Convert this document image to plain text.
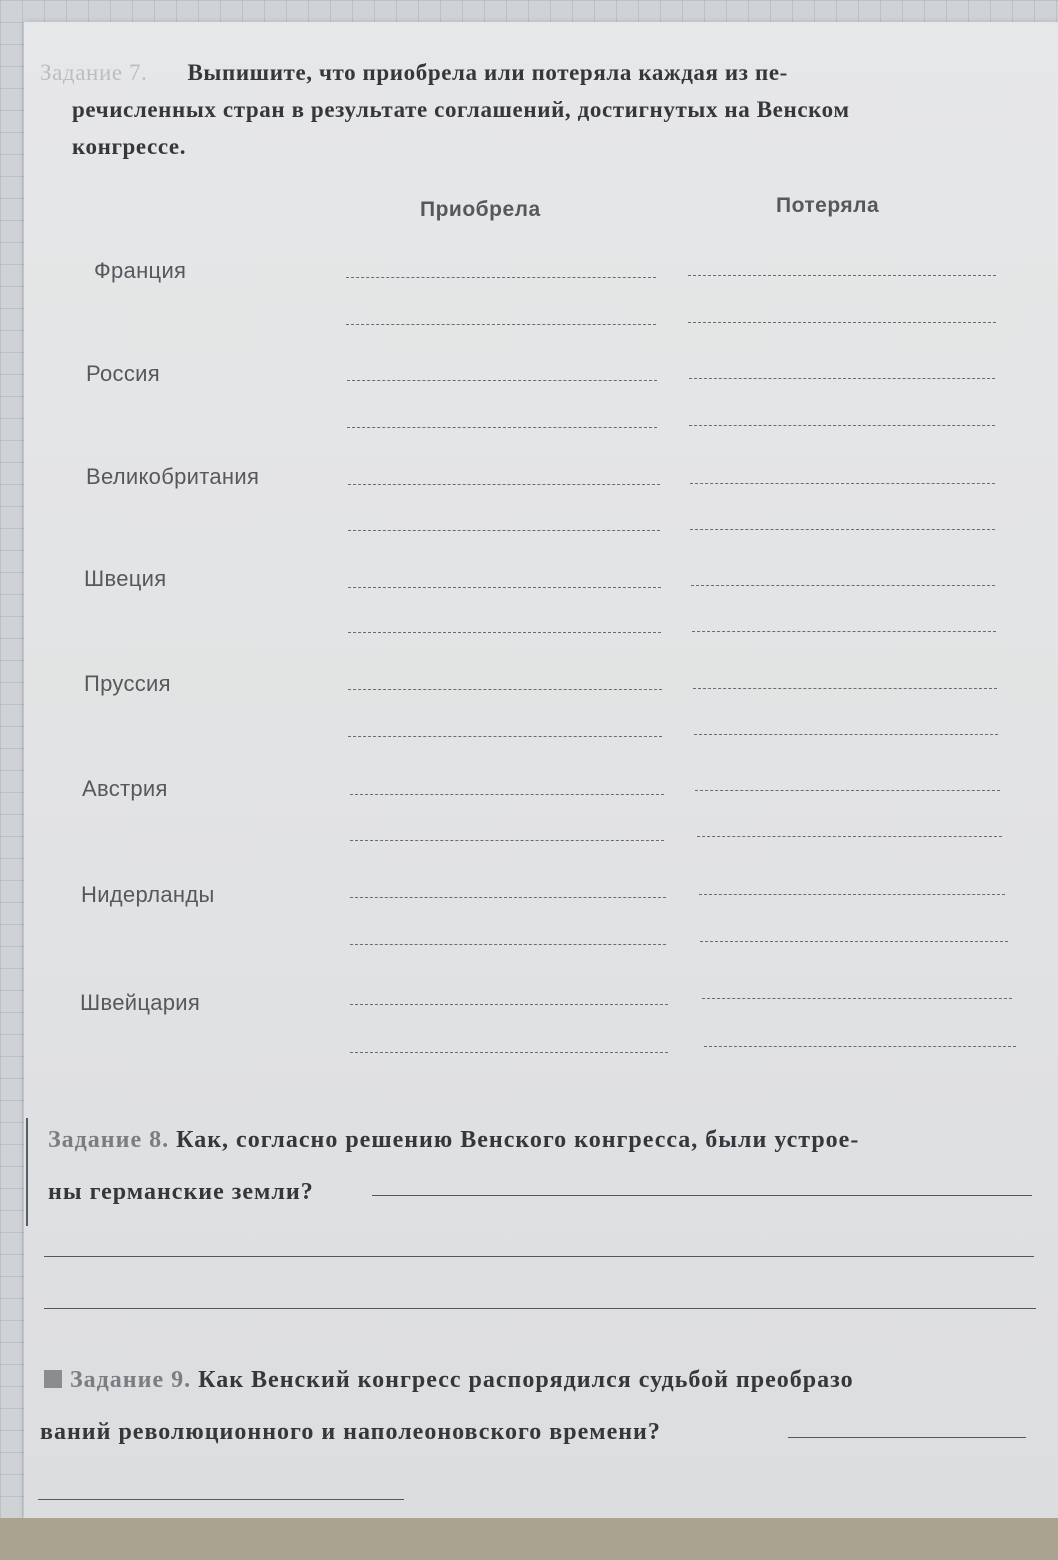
Задание 7. Выпишите, что приобрела или потеряла каждая из пе-
речисленных стран в результате соглашений, достигнутых на Венском
конгрессе.
Приобрела	Потеряла
Франция
Россия
Великобритания
Швеция
Пруссия
Австрия
Нидерланды
Швейцария
Задание 8. Как, согласно решению Венского конгресса, были устрое-
ны германские земли?
Задание 9. Как Венский конгресс распорядился судьбой преобразо
ваний революционного и наполеоновского времени?
